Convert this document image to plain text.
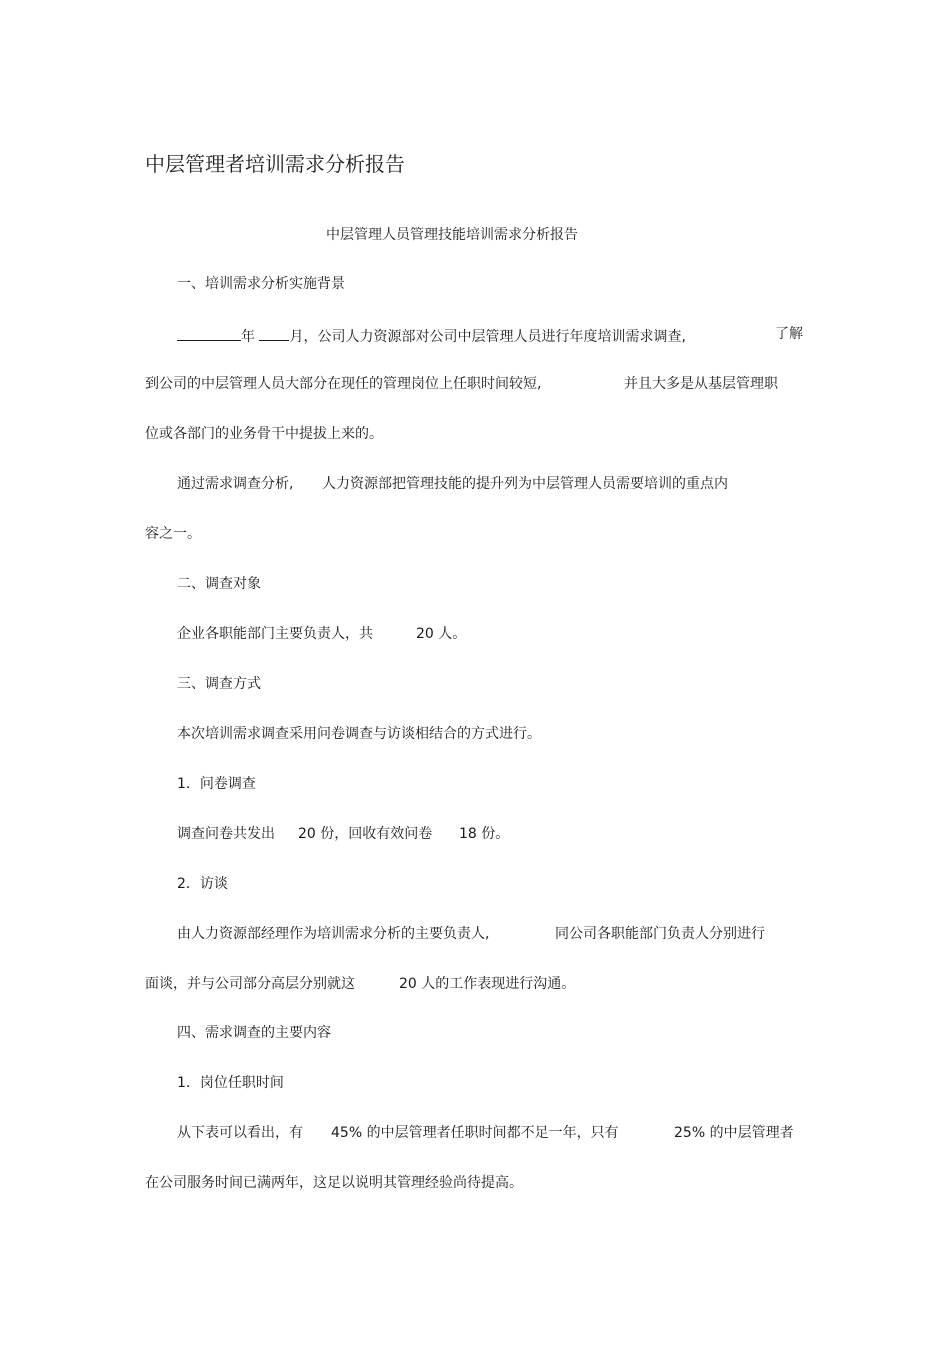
中层管理者培训需求分析报告
中层管理人员管理技能培训需求分析报告
一、培训需求分析实施背景
年 月，公司人力资源部对公司中层管理人员进行年度培训需求调查,	了解
到公司的中层管理人员大部分在现任的管理岗位上任职时间较短,	并且大多是从基层管理职
位或各部门的业务骨干中提拔上来的。
通过需求调查分析, 人力资源部把管理技能的提升列为中层管理人员需要培训的重点内
容之一。
二、调查对象
企业各职能部门主要负责人，共	20 人。
三、调查方式
本次培训需求调查采用问卷调查与访谈相结合的方式进行。
1．问卷调查
调查问卷共发出 20 份，回收有效问卷 18 份。
2．访谈
由人力资源部经理作为培训需求分析的主要负责人,	同公司各职能部门负责人分别进行
面谈，并与公司部分高层分别就这	20 人的工作表现进行沟通。
四、需求调查的主要内容
1．岗位任职时间
从下表可以看出，有 45% 的中层管理者任职时间都不足一年，只有	25% 的中层管理者
在公司服务时间已满两年，这足以说明其管理经验尚待提高。
